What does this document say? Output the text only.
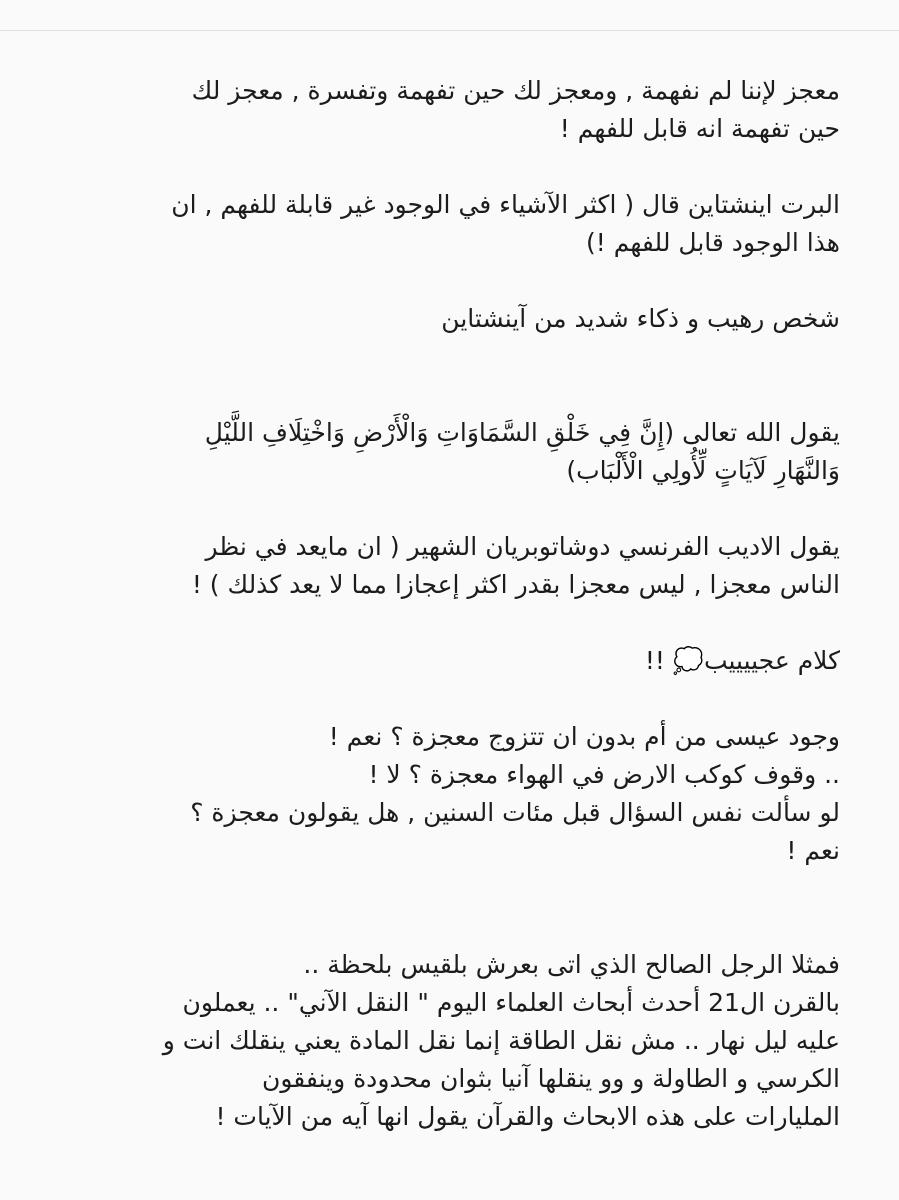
معجز لإننا لم نفهمة , ومعجز لك حين تفهمة وتفسرة , معجز لك
حين تفهمة انه قابل للفهم !
البرت اينشتاين قال ( اكثر الآشياء في الوجود غير قابلة للفهم , ان
هذا الوجود قابل للفهم !)
شخص رهيب و ذكاء شديد من آينشتاين
يقول الله تعالى (إِنَّ فِي خَلْقِ السَّمَاوَاتِ وَالْأَرْضِ وَاخْتِلَافِ اللَّيْلِ
وَالنَّهَارِ لَآيَاتٍ لِّأُولِي الْأَلْبَاب)
يقول الاديب الفرنسي دوشاتوبريان الشهير ( ان مايعد في نظر
الناس معجزا , ليس معجزا بقدر اكثر إعجازا مما لا يعد كذلك ) !
كلام عجييييب💭 !!
وجود عيسى من أم بدون ان تتزوج معجزة ؟ نعم !
.. وقوف كوكب الارض في الهواء معجزة ؟ لا !
لو سألت نفس السؤال قبل مئات السنين , هل يقولون معجزة ؟
نعم !
فمثلا الرجل الصالح الذي اتى بعرش بلقيس بلحظة ..
بالقرن ال21 أحدث أبحاث العلماء اليوم " النقل الآني" .. يعملون
عليه ليل نهار .. مش نقل الطاقة إنما نقل المادة يعني ينقلك انت و
الكرسي و الطاولة و وو ينقلها آنيا بثوان محدودة وينفقون
المليارات على هذه الابحاث والقرآن يقول انها آيه من الآيات !
